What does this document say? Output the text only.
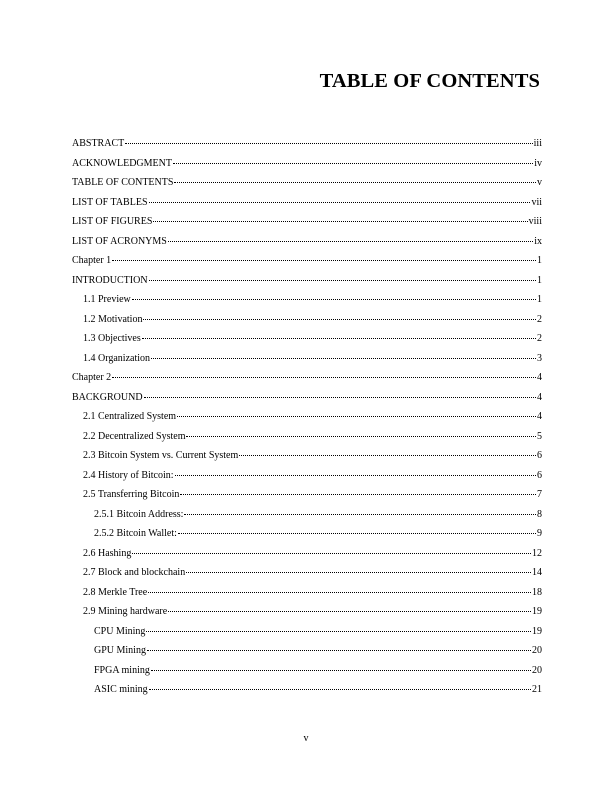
TABLE OF CONTENTS
ABSTRACT	iii
ACKNOWLEDGMENT	iv
TABLE OF CONTENTS	v
LIST OF TABLES	vii
LIST OF FIGURES	viii
LIST OF ACRONYMS	ix
Chapter 1	1
INTRODUCTION	1
1.1 Preview	1
1.2 Motivation	2
1.3 Objectives	2
1.4 Organization	3
Chapter 2	4
BACKGROUND	4
2.1 Centralized System	4
2.2 Decentralized System	5
2.3 Bitcoin System vs. Current System	6
2.4 History of Bitcoin:	6
2.5 Transferring Bitcoin	7
2.5.1 Bitcoin Address:	8
2.5.2 Bitcoin Wallet:	9
2.6 Hashing	12
2.7 Block and blockchain	14
2.8 Merkle Tree	18
2.9 Mining hardware	19
CPU Mining	19
GPU Mining	20
FPGA mining	20
ASIC mining	21
v
